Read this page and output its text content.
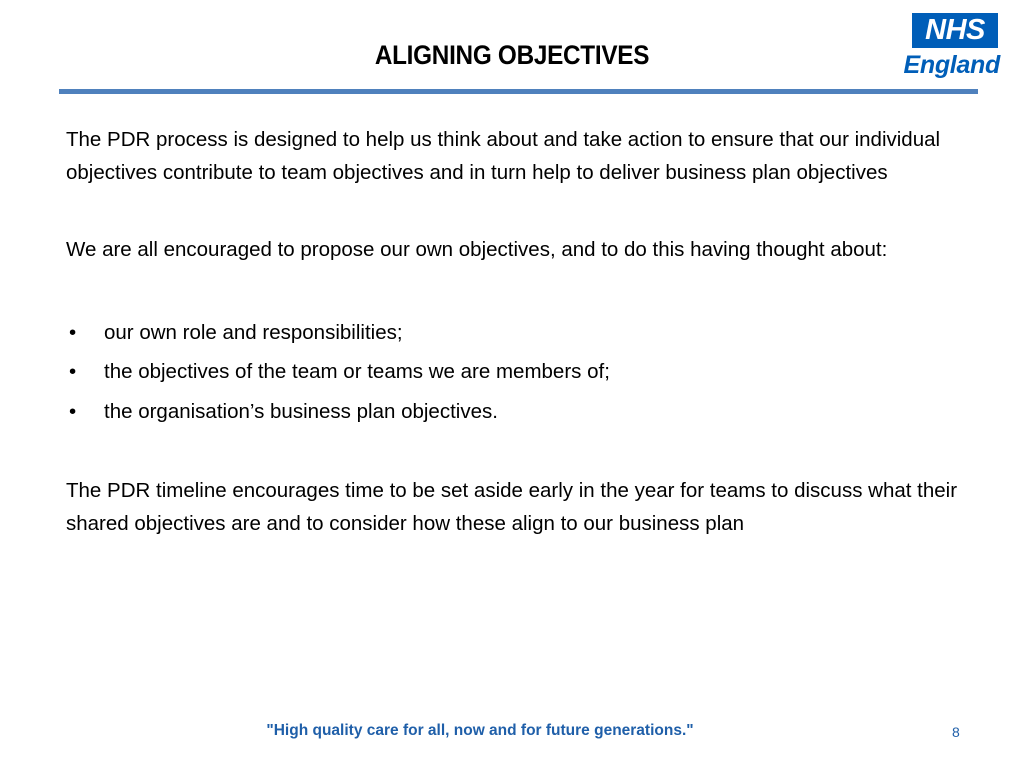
ALIGNING OBJECTIVES
NHS
England

The PDR process is designed to help us think about and take action to ensure that our individual objectives contribute to team objectives and in turn help to deliver business plan objectives

We are all encouraged to propose our own objectives, and to do this having thought about:

• our own role and responsibilities;
• the objectives of the team or teams we are members of;
• the organisation’s business plan objectives.

The PDR timeline encourages time to be set aside early in the year for teams to discuss what their shared objectives are and to consider how these align to our business plan

"High quality care for all, now and for future generations."	8
